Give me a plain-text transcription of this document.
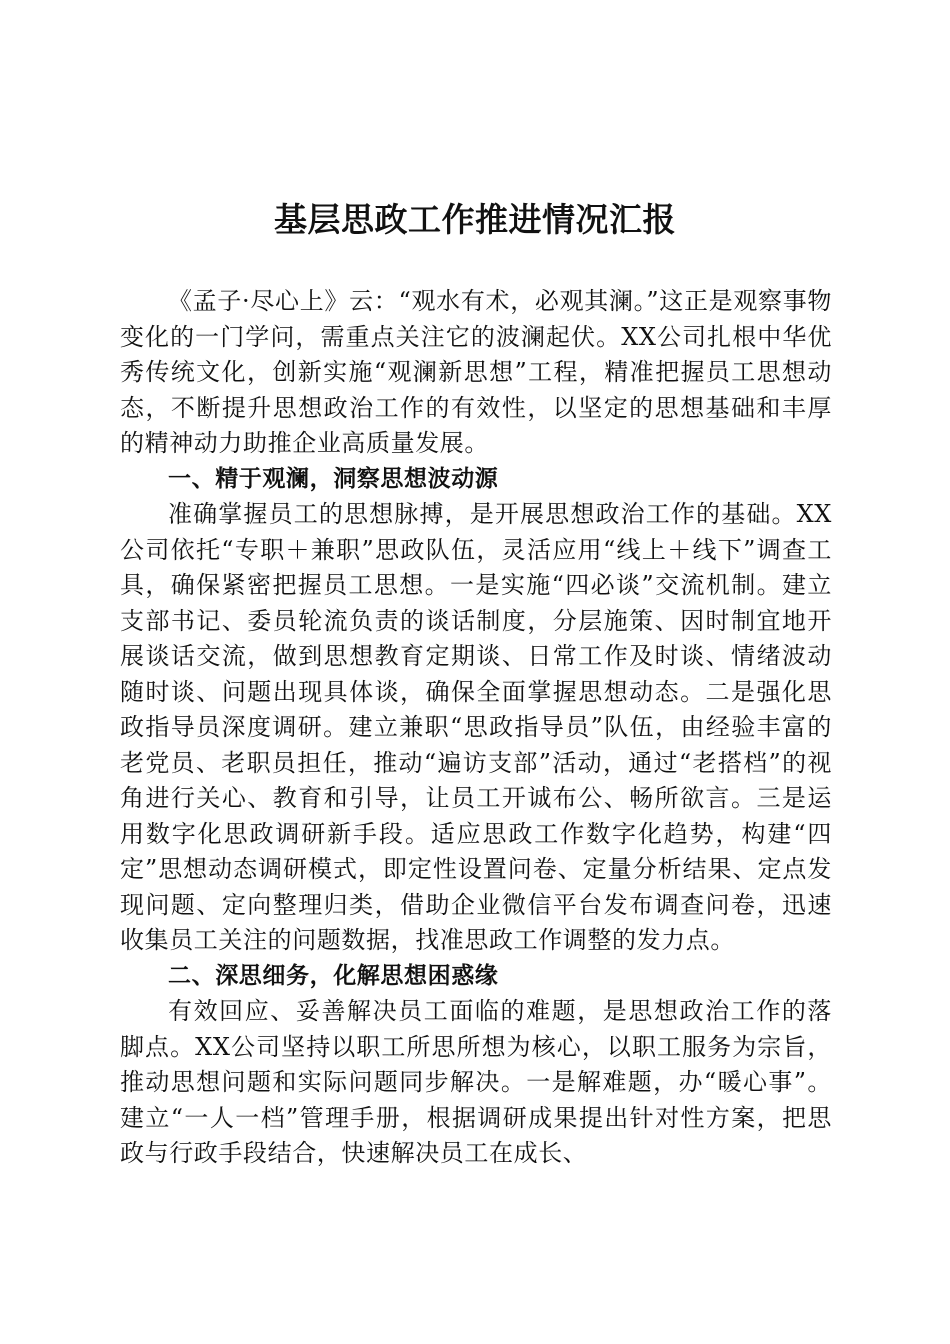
基层思政工作推进情况汇报

《孟子·尽心上》云：“观水有术，必观其澜。”这正是观察事物变化的一门学问，需重点关注它的波澜起伏。XX公司扎根中华优秀传统文化，创新实施“观澜新思想”工程，精准把握员工思想动态，不断提升思想政治工作的有效性，以坚定的思想基础和丰厚的精神动力助推企业高质量发展。

一、精于观澜，洞察思想波动源

准确掌握员工的思想脉搏，是开展思想政治工作的基础。XX公司依托“专职＋兼职”思政队伍，灵活应用“线上＋线下”调查工具，确保紧密把握员工思想。一是实施“四必谈”交流机制。建立支部书记、委员轮流负责的谈话制度，分层施策、因时制宜地开展谈话交流，做到思想教育定期谈、日常工作及时谈、情绪波动随时谈、问题出现具体谈，确保全面掌握思想动态。二是强化思政指导员深度调研。建立兼职“思政指导员”队伍，由经验丰富的老党员、老职员担任，推动“遍访支部”活动，通过“老搭档”的视角进行关心、教育和引导，让员工开诚布公、畅所欲言。三是运用数字化思政调研新手段。适应思政工作数字化趋势，构建“四定”思想动态调研模式，即定性设置问卷、定量分析结果、定点发现问题、定向整理归类，借助企业微信平台发布调查问卷，迅速收集员工关注的问题数据，找准思政工作调整的发力点。

二、深思细务，化解思想困惑缘

有效回应、妥善解决员工面临的难题，是思想政治工作的落脚点。XX公司坚持以职工所思所想为核心，以职工服务为宗旨，推动思想问题和实际问题同步解决。一是解难题，办“暖心事”。建立“一人一档”管理手册，根据调研成果提出针对性方案，把思政与行政手段结合，快速解决员工在成长、
